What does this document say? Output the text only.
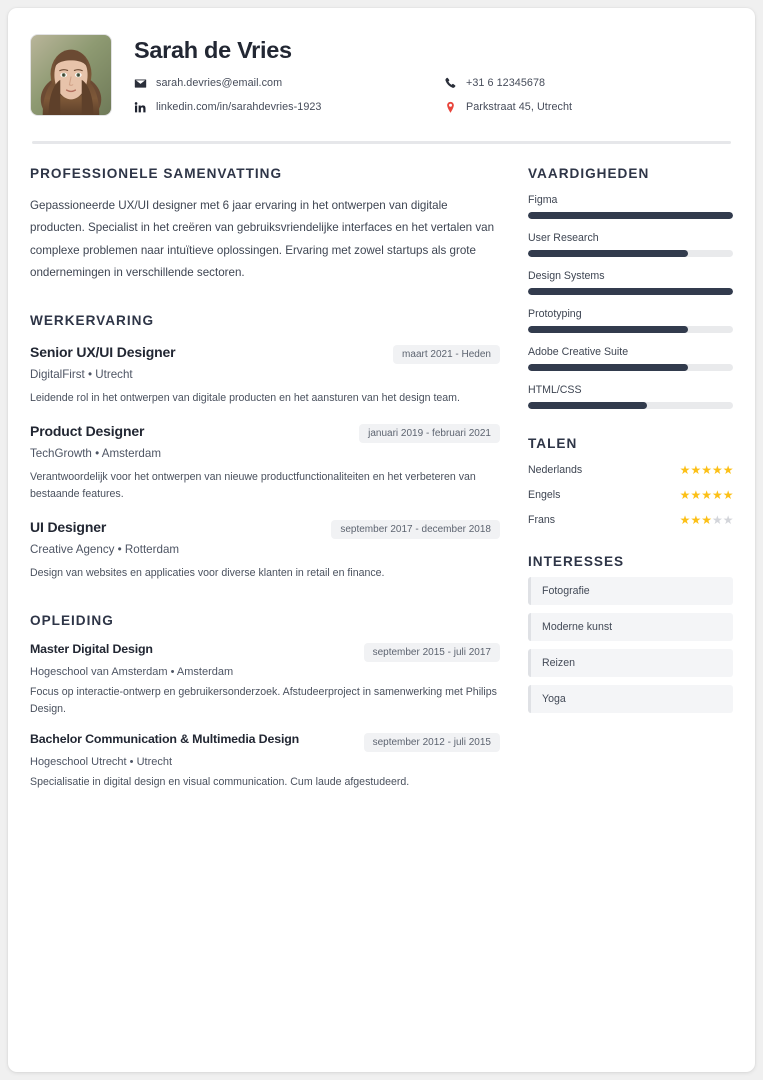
Sarah de Vries
sarah.devries@email.com	+31 6 12345678
linkedin.com/in/sarahdevries-1923	Parkstraat 45, Utrecht
PROFESSIONELE SAMENVATTING

Gepassioneerde UX/UI designer met 6 jaar ervaring in het ontwerpen van digitale producten. Specialist in het creëren van gebruiksvriendelijke interfaces en het vertalen van complexe problemen naar intuïtieve oplossingen. Ervaring met zowel startups als grote ondernemingen in verschillende sectoren.

WERKERVARING
Senior UX/UI Designer	maart 2021 - Heden
DigitalFirst • Utrecht
Leidende rol in het ontwerpen van digitale producten en het aansturen van het design team.
Product Designer	januari 2019 - februari 2021
TechGrowth • Amsterdam
Verantwoordelijk voor het ontwerpen van nieuwe productfunctionaliteiten en het verbeteren van bestaande features.
UI Designer	september 2017 - december 2018
Creative Agency • Rotterdam
Design van websites en applicaties voor diverse klanten in retail en finance.
OPLEIDING
Master Digital Design	september 2015 - juli 2017
Hogeschool van Amsterdam • Amsterdam
Focus op interactie-ontwerp en gebruikersonderzoek. Afstudeerproject in samenwerking met Philips Design.
Bachelor Communication & Multimedia Design	september 2012 - juli 2015
Hogeschool Utrecht • Utrecht
Specialisatie in digital design en visual communication. Cum laude afgestudeerd.
VAARDIGHEDEN
Figma
User Research
Design Systems
Prototyping
Adobe Creative Suite
HTML/CSS
TALEN
Nederlands	★ ★ ★ ★ ★
Engels	★ ★ ★ ★ ★
Frans	★ ★ ★ ★ ★
INTERESSES
Fotografie
Moderne kunst
Reizen
Yoga
